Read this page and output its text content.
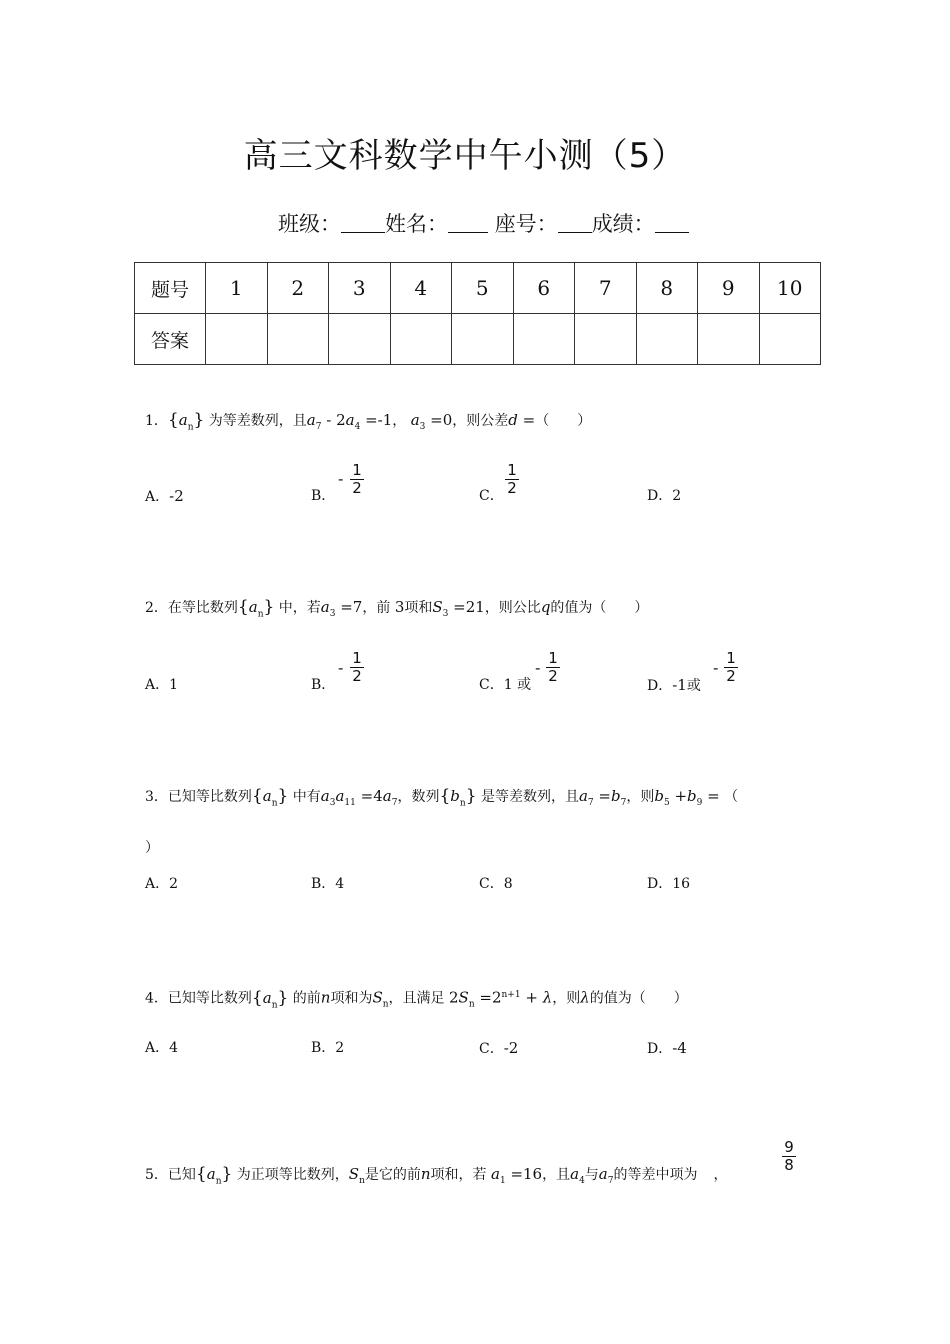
高三文科数学中午小测（5）
班级： 姓名： 座号： 成绩：
题号	1	2	3	4	5	6	7	8	9	10
答案										
1．$\{a_n\}$ 为等差数列，且$a_7 - 2a_4 =-1$， $a_3 =0$，则公差d =（　　）
A．-2	B．
- $\frac{1}{2}$	C． $\frac{1}{2}$	D．2
2．在等比数列$\{a_n\}$ 中，若$a_3 =7$，前 3项和$S_3 =21$，则公比q的值为（　　）
A．1	B．
- $\frac{1}{2}$	C．1 或
- $\frac{1}{2}$
D．-1或
- $\frac{1}{2}$
3．已知等比数列$\{a_n\}$ 中有$a_3a_{11} =4a_7$，数列$\{b_n\}$ 是等差数列，且$a_7 =b_7$，则$b_5 +b_9$ = （
）
A．2	B．4	C．8	D．16
4．已知等比数列$\{a_n\}$ 的前n项和为$S_n$，且满足 $2S_n =2^{n+1} + \lambda$，则λ的值为（　　）
A．4	B．2	C．-2	D．-4
5．已知$\{a_n\}$ 为正项等比数列，$S_n$是它的前n项和，若 $a_1 =16$，且$a_4$与$a_7$的等差中项为 ，
$\frac{9}{8}$
